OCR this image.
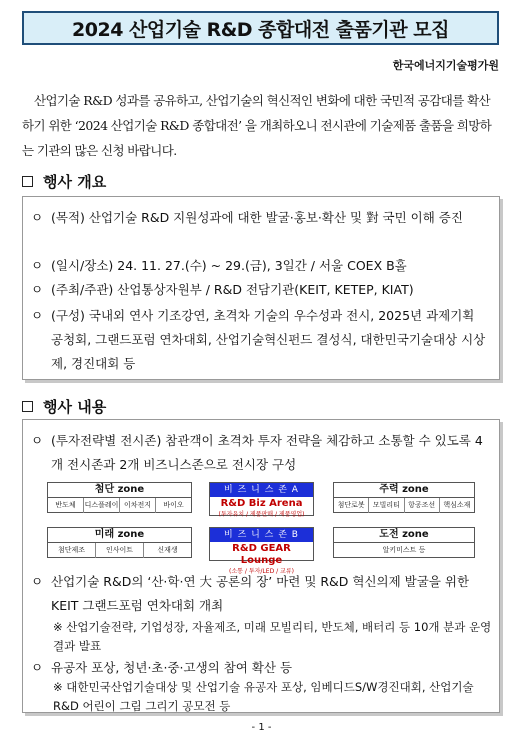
2024 산업기술 R&D 종합대전 출품기관 모집
한국에너지기술평가원
산업기술 R&D 성과를 공유하고, 산업기술의 혁신적인 변화에 대한 국민적 공감대를 확산하기 위한 ‘2024 산업기술 R&D 종합대전’ 을 개최하오니 전시관에 기술제품 출품을 희망하는 기관의 많은 신청 바랍니다.
행사 개요
ㅇ (목적) 산업기술 R&D 지원성과에 대한 발굴·홍보·확산 및 對 국민 이해 증진
ㅇ (일시/장소) 24. 11. 27.(수) ~ 29.(금), 3일간 / 서울 COEX B홀
ㅇ (주최/주관) 산업통상자원부 / R&D 전담기관(KEIT, KETEP, KIAT)
ㅇ (구성) 국내외 연사 기조강연, 초격차 기술의 우수성과 전시, 2025년 과제기획 공청회, 그랜드포럼 연차대회, 산업기술혁신펀드 결성식, 대한민국기술대상 시상제, 경진대회 등
행사 내용
ㅇ (투자전략별 전시존) 참관객이 초격차 투자 전략을 체감하고 소통할 수 있도록 4개 전시존과 2개 비즈니스존으로 전시장 구성
첨단 zone
반도체	디스플레이 이차전지	바이오
비 즈 니 스 존 A
R&D Biz Arena
(투자유치 / 제품판매 / 제품영업)
주력 zone
첨단로봇	모빌리티	항공조선	핵심소재
미래 zone
첨단제조	인사이트	신재생
비 즈 니 스 존 B
R&D GEAR Lounge
(소통 / 투자/LED / 교류)
도전 zone
알키미스트 등
ㅇ 산업기술 R&D의 ‘산·학·연 大 공론의 장’ 마련 및 R&D 혁신의제 발굴을 위한 KEIT 그랜드포럼 연차대회 개최
※ 산업기술전략, 기업성장, 자율제조, 미래 모빌리티, 반도체, 배터리 등 10개 분과 운영결과 발표
ㅇ 유공자 포상, 청년·초·중·고생의 참여 확산 등
※ 대한민국산업기술대상 및 산업기술 유공자 포상, 임베디드S/W경진대회, 산업기술R&D 어린이 그림 그리기 공모전 등
- 1 -
